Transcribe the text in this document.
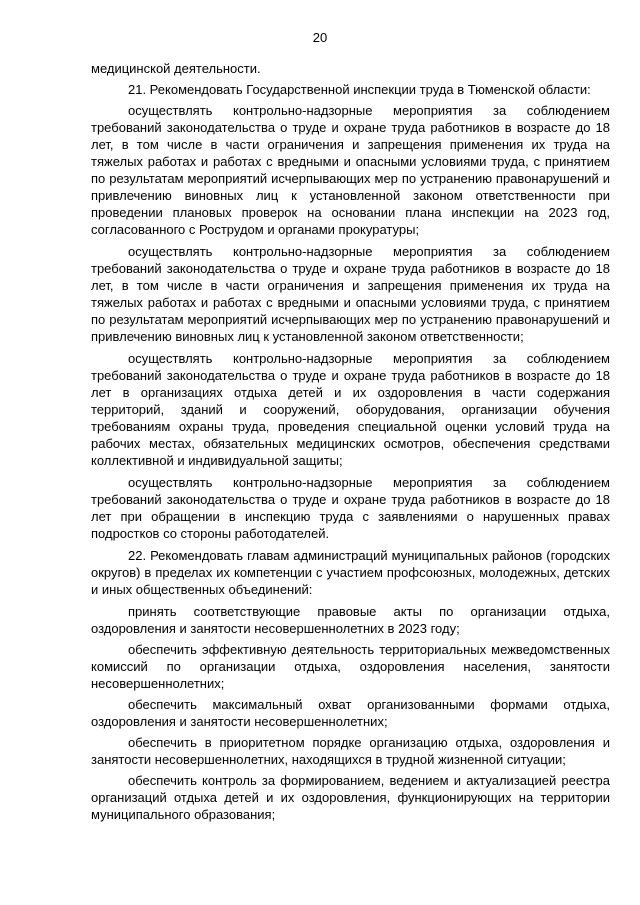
20

медицинской деятельности.

21. Рекомендовать Государственной инспекции труда в Тюменской области:

осуществлять контрольно-надзорные мероприятия за соблюдением требований законодательства о труде и охране труда работников в возрасте до 18 лет, в том числе в части ограничения и запрещения применения их труда на тяжелых работах и работах с вредными и опасными условиями труда, с принятием по результатам мероприятий исчерпывающих мер по устранению правонарушений и привлечению виновных лиц к установленной законом ответственности при проведении плановых проверок на основании плана инспекции на 2023 год, согласованного с Рострудом и органами прокуратуры;

осуществлять контрольно-надзорные мероприятия за соблюдением требований законодательства о труде и охране труда работников в возрасте до 18 лет, в том числе в части ограничения и запрещения применения их труда на тяжелых работах и работах с вредными и опасными условиями труда, с принятием по результатам мероприятий исчерпывающих мер по устранению правонарушений и привлечению виновных лиц к установленной законом ответственности;

осуществлять контрольно-надзорные мероприятия за соблюдением требований законодательства о труде и охране труда работников в возрасте до 18 лет в организациях отдыха детей и их оздоровления в части содержания территорий, зданий и сооружений, оборудования, организации обучения требованиям охраны труда, проведения специальной оценки условий труда на рабочих местах, обязательных медицинских осмотров, обеспечения средствами коллективной и индивидуальной защиты;

осуществлять контрольно-надзорные мероприятия за соблюдением требований законодательства о труде и охране труда работников в возрасте до 18 лет при обращении в инспекцию труда с заявлениями о нарушенных правах подростков со стороны работодателей.

22. Рекомендовать главам администраций муниципальных районов (городских округов) в пределах их компетенции с участием профсоюзных, молодежных, детских и иных общественных объединений:

принять соответствующие правовые акты по организации отдыха, оздоровления и занятости несовершеннолетних в 2023 году;

обеспечить эффективную деятельность территориальных межведомственных комиссий по организации отдыха, оздоровления населения, занятости несовершеннолетних;

обеспечить максимальный охват организованными формами отдыха, оздоровления и занятости несовершеннолетних;

обеспечить в приоритетном порядке организацию отдыха, оздоровления и занятости несовершеннолетних, находящихся в трудной жизненной ситуации;

обеспечить контроль за формированием, ведением и актуализацией реестра организаций отдыха детей и их оздоровления, функционирующих на территории муниципального образования;
